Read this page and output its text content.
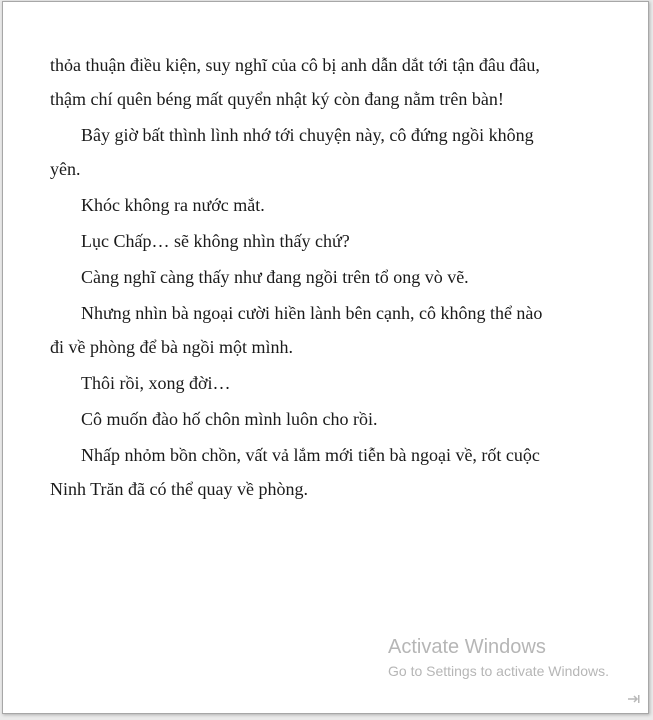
thỏa thuận điều kiện, suy nghĩ của cô bị anh dẫn dắt tới tận đâu đâu,

thậm chí quên béng mất quyển nhật ký còn đang nằm trên bàn!

Bây giờ bất thình lình nhớ tới chuyện này, cô đứng ngồi không

yên.

Khóc không ra nước mắt.

Lục Chấp… sẽ không nhìn thấy chứ?

Càng nghĩ càng thấy như đang ngồi trên tổ ong vò vẽ.

Nhưng nhìn bà ngoại cười hiền lành bên cạnh, cô không thể nào

đi về phòng để bà ngồi một mình.

Thôi rồi, xong đời…

Cô muốn đào hố chôn mình luôn cho rồi.

Nhấp nhỏm bồn chồn, vất vả lắm mới tiễn bà ngoại về, rốt cuộc

Ninh Trăn đã có thể quay về phòng.

Activate Windows
Go to Settings to activate Windows.
